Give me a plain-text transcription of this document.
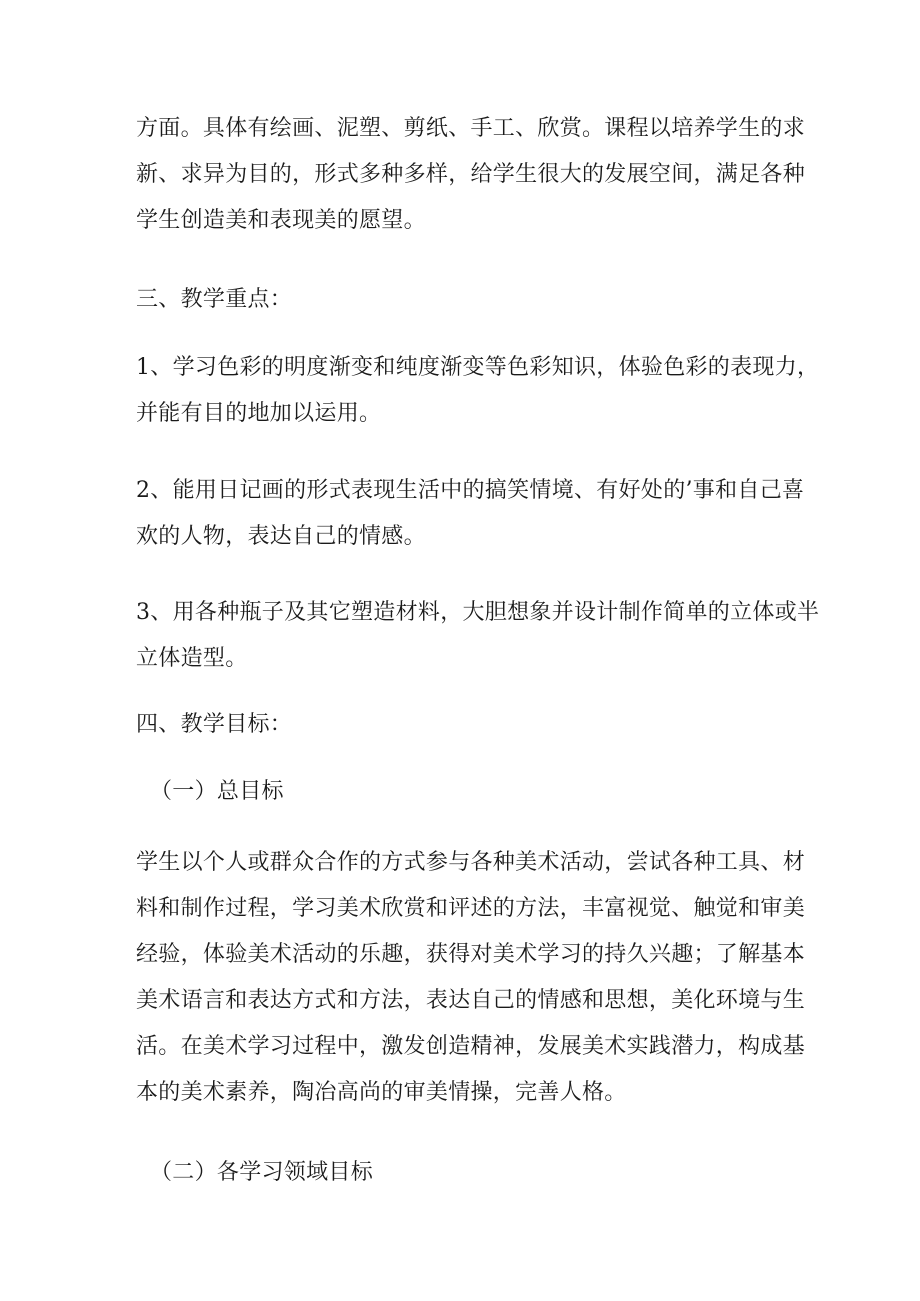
方面。具体有绘画、泥塑、剪纸、手工、欣赏。课程以培养学生的求
新、求异为目的，形式多种多样，给学生很大的发展空间，满足各种
学生创造美和表现美的愿望。

三、教学重点：

1、学习色彩的明度渐变和纯度渐变等色彩知识，体验色彩的表现力，
并能有目的地加以运用。

2、能用日记画的形式表现生活中的搞笑情境、有好处的’事和自己喜
欢的人物，表达自己的情感。

3、用各种瓶子及其它塑造材料，大胆想象并设计制作简单的立体或半
立体造型。

四、教学目标：

（一）总目标

学生以个人或群众合作的方式参与各种美术活动，尝试各种工具、材
料和制作过程，学习美术欣赏和评述的方法，丰富视觉、触觉和审美
经验，体验美术活动的乐趣，获得对美术学习的持久兴趣；了解基本
美术语言和表达方式和方法，表达自己的情感和思想，美化环境与生
活。在美术学习过程中，激发创造精神，发展美术实践潜力，构成基
本的美术素养，陶冶高尚的审美情操，完善人格。

（二）各学习领域目标
